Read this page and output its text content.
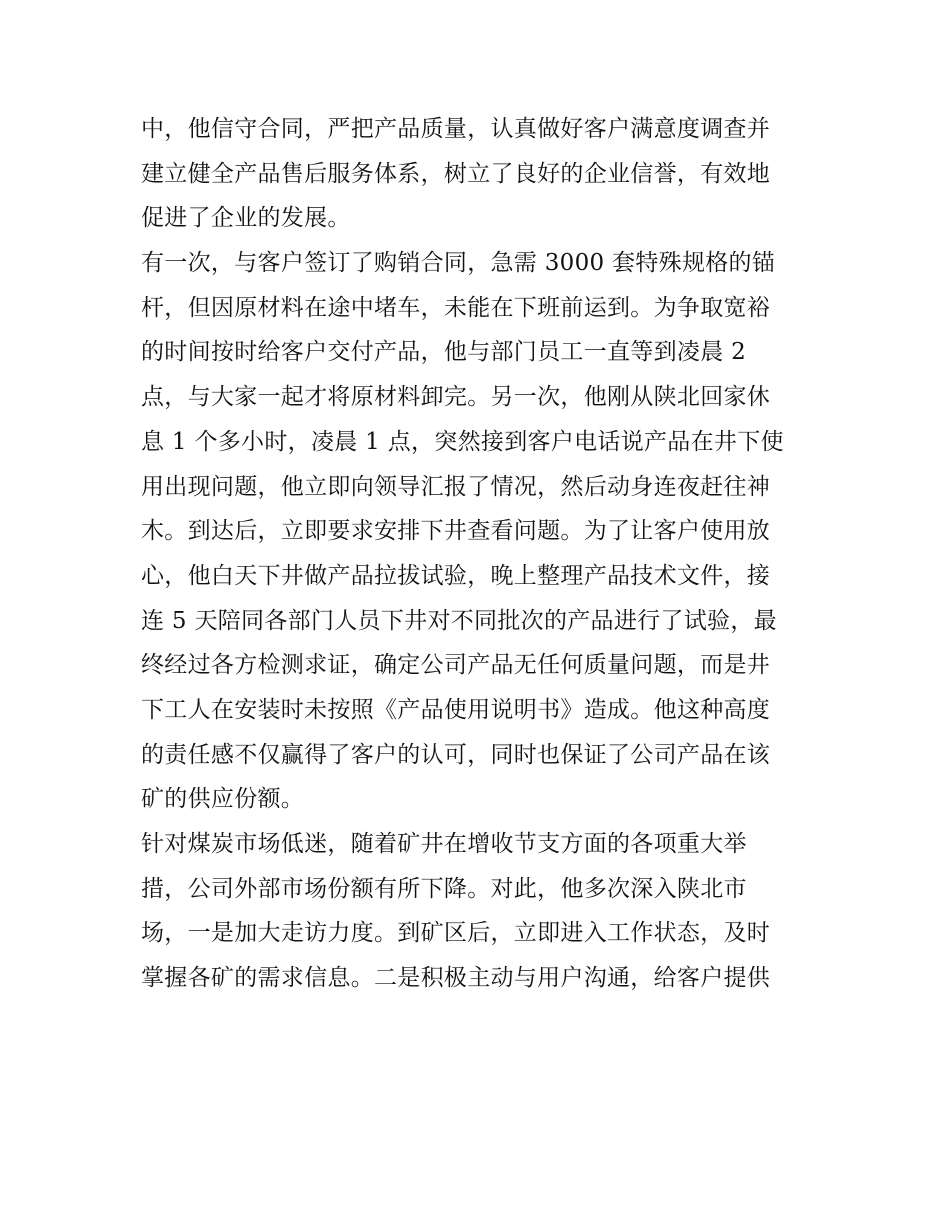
中，他信守合同，严把产品质量，认真做好客户满意度调查并
建立健全产品售后服务体系，树立了良好的企业信誉，有效地
促进了企业的发展。
有一次，与客户签订了购销合同，急需 3000 套特殊规格的锚
杆，但因原材料在途中堵车，未能在下班前运到。为争取宽裕
的时间按时给客户交付产品，他与部门员工一直等到凌晨 2
点，与大家一起才将原材料卸完。另一次，他刚从陕北回家休
息 1 个多小时，凌晨 1 点，突然接到客户电话说产品在井下使
用出现问题，他立即向领导汇报了情况，然后动身连夜赶往神
木。到达后，立即要求安排下井查看问题。为了让客户使用放
心，他白天下井做产品拉拔试验，晚上整理产品技术文件，接
连 5 天陪同各部门人员下井对不同批次的产品进行了试验，最
终经过各方检测求证，确定公司产品无任何质量问题，而是井
下工人在安装时未按照《产品使用说明书》造成。他这种高度
的责任感不仅赢得了客户的认可，同时也保证了公司产品在该
矿的供应份额。
针对煤炭市场低迷，随着矿井在增收节支方面的各项重大举
措，公司外部市场份额有所下降。对此，他多次深入陕北市
场，一是加大走访力度。到矿区后，立即进入工作状态，及时
掌握各矿的需求信息。二是积极主动与用户沟通，给客户提供
